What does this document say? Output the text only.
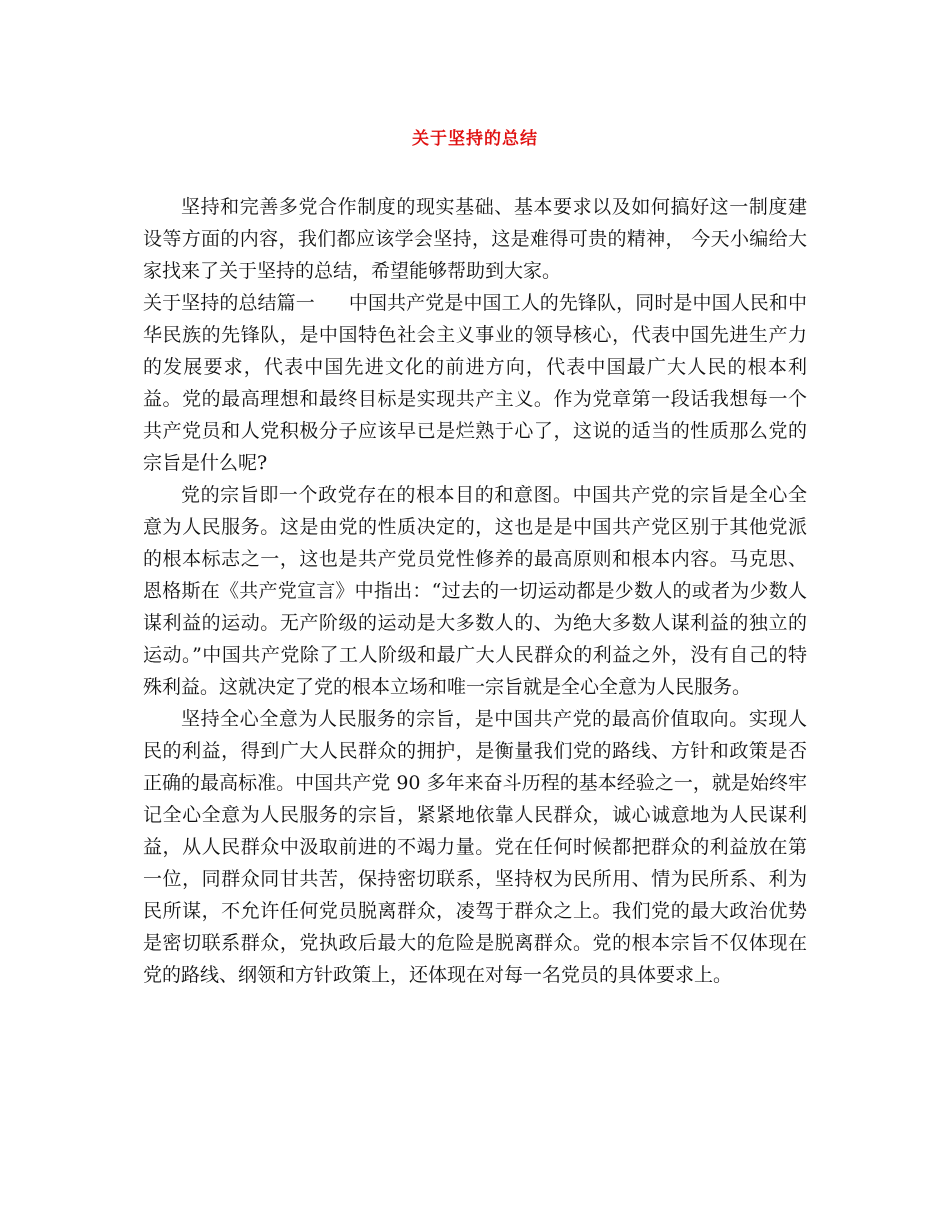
关于坚持的总结

坚持和完善多党合作制度的现实基础、基本要求以及如何搞好这一制度建设等方面的内容，我们都应该学会坚持，这是难得可贵的精神， 今天小编给大家找来了关于坚持的总结，希望能够帮助到大家。

关于坚持的总结篇一 中国共产党是中国工人的先锋队，同时是中国人民和中华民族的先锋队，是中国特色社会主义事业的领导核心，代表中国先进生产力的发展要求，代表中国先进文化的前进方向，代表中国最广大人民的根本利益。党的最高理想和最终目标是实现共产主义。作为党章第一段话我想每一个共产党员和人党积极分子应该早已是烂熟于心了，这说的适当的性质那么党的宗旨是什么呢?

党的宗旨即一个政党存在的根本目的和意图。中国共产党的宗旨是全心全意为人民服务。这是由党的性质决定的，这也是是中国共产党区别于其他党派的根本标志之一，这也是共产党员党性修养的最高原则和根本内容。马克思、恩格斯在《共产党宣言》中指出：“过去的一切运动都是少数人的或者为少数人谋利益的运动。无产阶级的运动是大多数人的、为绝大多数人谋利益的独立的运动。”中国共产党除了工人阶级和最广大人民群众的利益之外，没有自己的特殊利益。这就决定了党的根本立场和唯一宗旨就是全心全意为人民服务。

坚持全心全意为人民服务的宗旨，是中国共产党的最高价值取向。实现人民的利益，得到广大人民群众的拥护，是衡量我们党的路线、方针和政策是否正确的最高标准。中国共产党 90 多年来奋斗历程的基本经验之一，就是始终牢记全心全意为人民服务的宗旨，紧紧地依靠人民群众，诚心诚意地为人民谋利益，从人民群众中汲取前进的不竭力量。党在任何时候都把群众的利益放在第一位，同群众同甘共苦，保持密切联系，坚持权为民所用、情为民所系、利为民所谋，不允许任何党员脱离群众，凌驾于群众之上。我们党的最大政治优势是密切联系群众，党执政后最大的危险是脱离群众。党的根本宗旨不仅体现在党的路线、纲领和方针政策上，还体现在对每一名党员的具体要求上。
